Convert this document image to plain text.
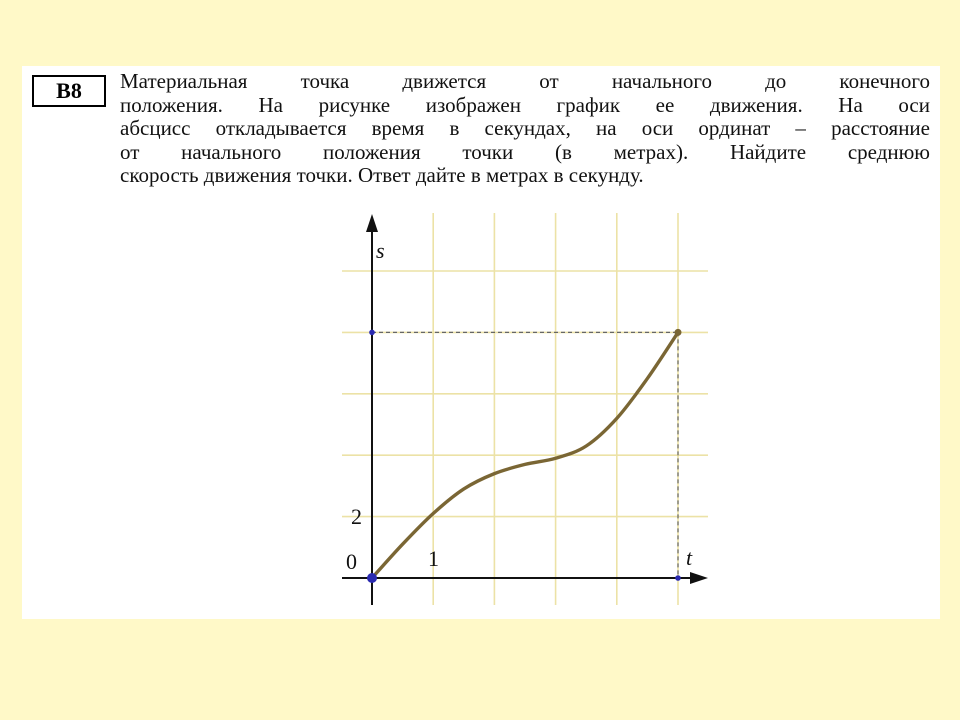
B8	Материальная точка движется от начального до конечного
положения. На рисунке изображен график ее движения. На оси
абсцисс откладывается время в секундах, на оси ординат – расстояние
от начального положения точки (в метрах). Найдите среднюю
скорость движения точки. Ответ дайте в метрах в секунду.

s
t
0	1
2
